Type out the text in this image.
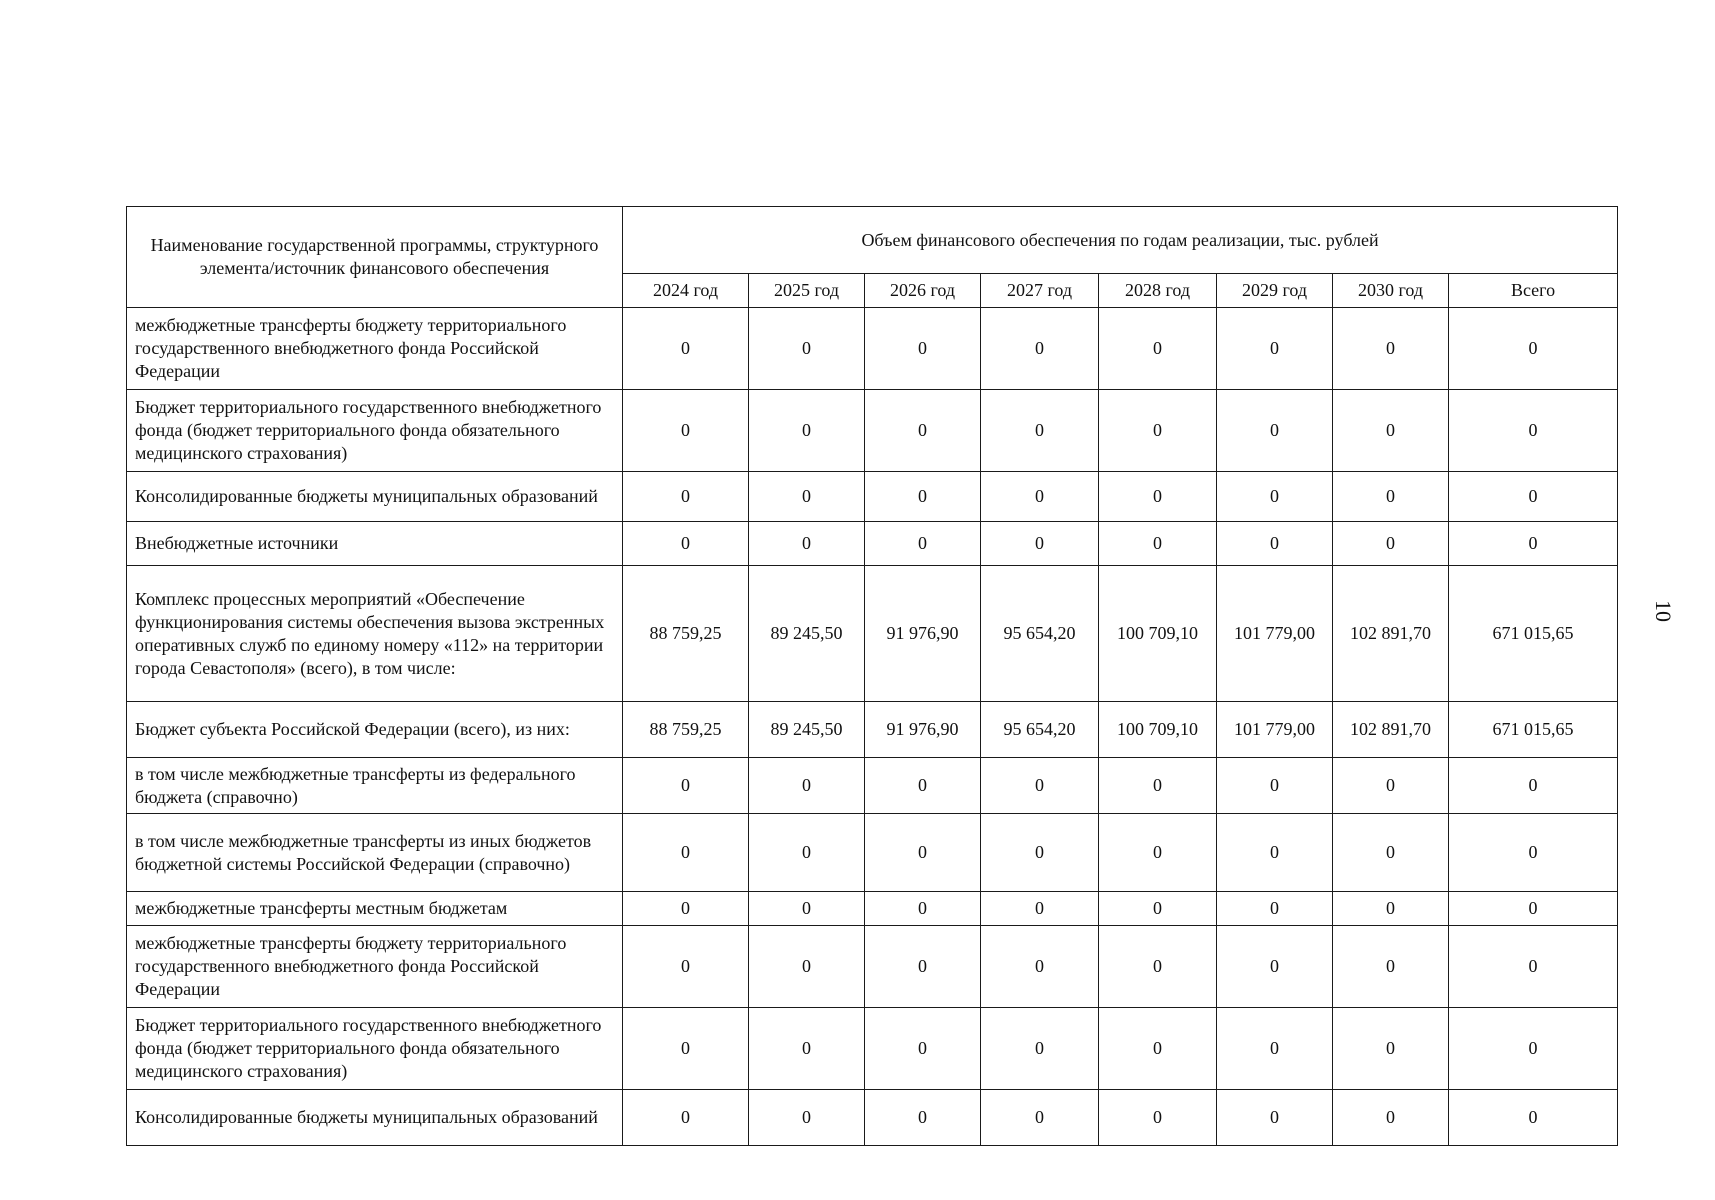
10
Наименование государственной программы, структурного элемента/источник финансового обеспечения	Объем финансового обеспечения по годам реализации, тыс. рублей							
	2024 год	2025 год	2026 год	2027 год	2028 год	2029 год	2030 год	Всего
межбюджетные трансферты бюджету территориального государственного внебюджетного фонда Российской Федерации	0	0	0	0	0	0	0	0
Бюджет территориального государственного внебюджетного фонда (бюджет территориального фонда обязательного медицинского страхования)	0	0	0	0	0	0	0	0
Консолидированные бюджеты муниципальных образований	0	0	0	0	0	0	0	0
Внебюджетные источники	0	0	0	0	0	0	0	0
Комплекс процессных мероприятий «Обеспечение функционирования системы обеспечения вызова экстренных оперативных служб по единому номеру «112» на территории города Севастополя» (всего), в том числе:	88 759,25	89 245,50	91 976,90	95 654,20	100 709,10	101 779,00	102 891,70	671 015,65
Бюджет субъекта Российской Федерации (всего), из них:	88 759,25	89 245,50	91 976,90	95 654,20	100 709,10	101 779,00	102 891,70	671 015,65
в том числе межбюджетные трансферты из федерального бюджета (справочно)	0	0	0	0	0	0	0	0
в том числе межбюджетные трансферты из иных бюджетов бюджетной системы Российской Федерации (справочно)	0	0	0	0	0	0	0	0
межбюджетные трансферты местным бюджетам	0	0	0	0	0	0	0	0
межбюджетные трансферты бюджету территориального государственного внебюджетного фонда Российской Федерации	0	0	0	0	0	0	0	0
Бюджет территориального государственного внебюджетного фонда (бюджет территориального фонда обязательного медицинского страхования)	0	0	0	0	0	0	0	0
Консолидированные бюджеты муниципальных образований	0	0	0	0	0	0	0	0
